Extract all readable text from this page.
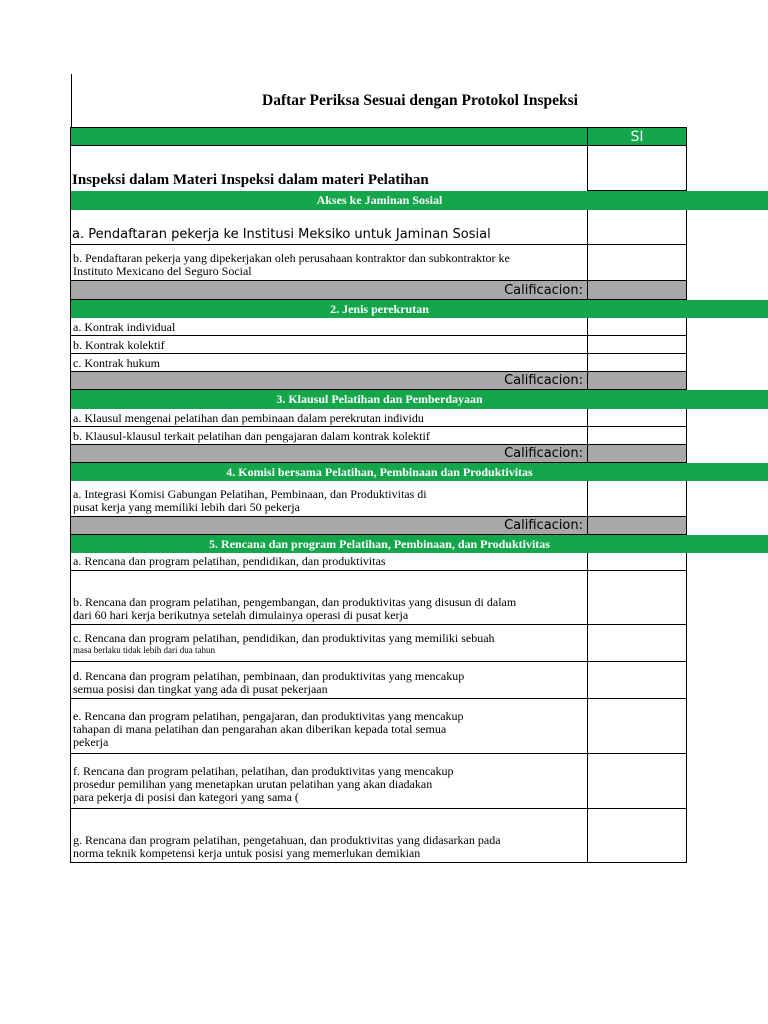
Daftar Periksa Sesuai dengan Protokol Inspeksi
SI
Inspeksi dalam Materi Inspeksi dalam materi Pelatihan
Akses ke Jaminan Sosial
a. Pendaftaran pekerja ke Institusi Meksiko untuk Jaminan Sosial
b. Pendaftaran pekerja yang dipekerjakan oleh perusahaan kontraktor dan subkontraktor ke
Instituto Mexicano del Seguro Social
Calificacion:
2. Jenis perekrutan
a. Kontrak individual
b. Kontrak kolektif
c. Kontrak hukum
Calificacion:
3. Klausul Pelatihan dan Pemberdayaan
a. Klausul mengenai pelatihan dan pembinaan dalam perekrutan individu
b. Klausul-klausul terkait pelatihan dan pengajaran dalam kontrak kolektif
Calificacion:
4. Komisi bersama Pelatihan, Pembinaan dan Produktivitas
a. Integrasi Komisi Gabungan Pelatihan, Pembinaan, dan Produktivitas di
pusat kerja yang memiliki lebih dari 50 pekerja
Calificacion:
5. Rencana dan program Pelatihan, Pembinaan, dan Produktivitas
a. Rencana dan program pelatihan, pendidikan, dan produktivitas
b. Rencana dan program pelatihan, pengembangan, dan produktivitas yang disusun di dalam
dari 60 hari kerja berikutnya setelah dimulainya operasi di pusat kerja
c. Rencana dan program pelatihan, pendidikan, dan produktivitas yang memiliki sebuah
masa berlaku tidak lebih dari dua tahun
d. Rencana dan program pelatihan, pembinaan, dan produktivitas yang mencakup
semua posisi dan tingkat yang ada di pusat pekerjaan
e. Rencana dan program pelatihan, pengajaran, dan produktivitas yang mencakup
tahapan di mana pelatihan dan pengarahan akan diberikan kepada total semua
pekerja
f. Rencana dan program pelatihan, pelatihan, dan produktivitas yang mencakup
prosedur pemilihan yang menetapkan urutan pelatihan yang akan diadakan
para pekerja di posisi dan kategori yang sama (
g. Rencana dan program pelatihan, pengetahuan, dan produktivitas yang didasarkan pada
norma teknik kompetensi kerja untuk posisi yang memerlukan demikian
